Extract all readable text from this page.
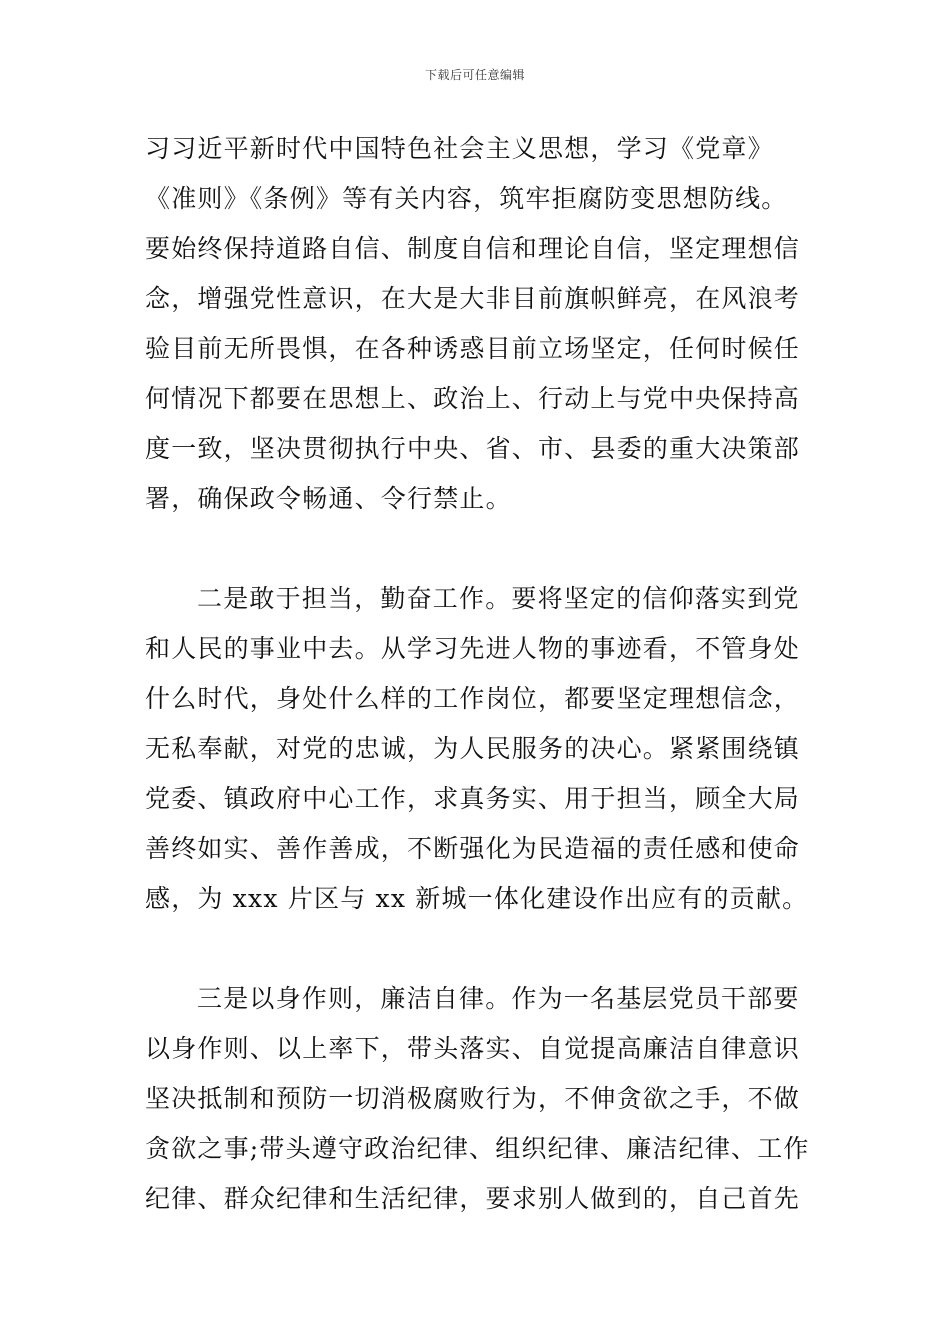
下载后可任意编辑
习习近平新时代中国特色社会主义思想，学习《党章》
《准则》《条例》等有关内容，筑牢拒腐防变思想防线。
要始终保持道路自信、制度自信和理论自信，坚定理想信
念，增强党性意识，在大是大非目前旗帜鲜亮，在风浪考
验目前无所畏惧，在各种诱惑目前立场坚定，任何时候任
何情况下都要在思想上、政治上、行动上与党中央保持高
度一致，坚决贯彻执行中央、省、市、县委的重大决策部
署，确保政令畅通、令行禁止。
二是敢于担当，勤奋工作。要将坚定的信仰落实到党
和人民的事业中去。从学习先进人物的事迹看，不管身处
什么时代，身处什么样的工作岗位，都要坚定理想信念，
无私奉献，对党的忠诚，为人民服务的决心。紧紧围绕镇
党委、镇政府中心工作，求真务实、用于担当，顾全大局
善终如实、善作善成，不断强化为民造福的责任感和使命
感，为 xxx 片区与 xx 新城一体化建设作出应有的贡献。
三是以身作则，廉洁自律。作为一名基层党员干部要
以身作则、以上率下，带头落实、自觉提高廉洁自律意识
坚决抵制和预防一切消极腐败行为，不伸贪欲之手，不做
贪欲之事;带头遵守政治纪律、组织纪律、廉洁纪律、工作
纪律、群众纪律和生活纪律，要求别人做到的，自己首先
